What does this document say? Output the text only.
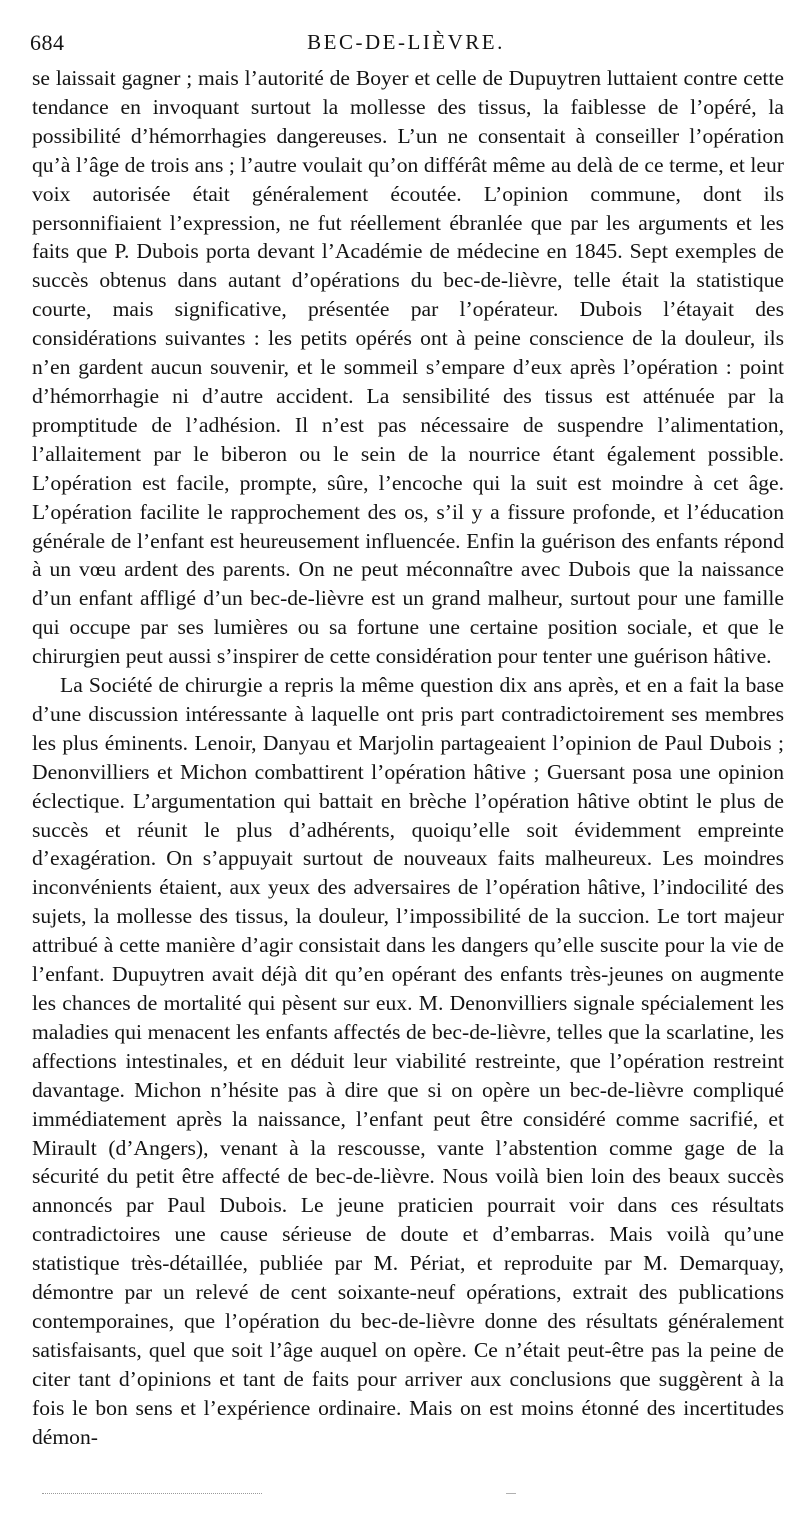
684	BEC-DE-LIÈVRE.

se laissait gagner ; mais l’autorité de Boyer et celle de Dupuytren luttaient contre cette tendance en invoquant surtout la mollesse des tissus, la faiblesse de l’opéré, la possibilité d’hémorrhagies dangereuses. L’un ne consentait à conseiller l’opération qu’à l’âge de trois ans ; l’autre voulait qu’on différât même au delà de ce terme, et leur voix autorisée était généralement écoutée. L’opinion commune, dont ils personnifiaient l’expression, ne fut réellement ébranlée que par les arguments et les faits que P. Dubois porta devant l’Académie de médecine en 1845. Sept exemples de succès obtenus dans autant d’opérations du bec-de-lièvre, telle était la statistique courte, mais significative, présentée par l’opérateur. Dubois l’étayait des considérations suivantes : les petits opérés ont à peine conscience de la douleur, ils n’en gardent aucun souvenir, et le sommeil s’empare d’eux après l’opération : point d’hémorrhagie ni d’autre accident. La sensibilité des tissus est atténuée par la promptitude de l’adhésion. Il n’est pas nécessaire de suspendre l’alimentation, l’allaitement par le biberon ou le sein de la nourrice étant également possible. L’opération est facile, prompte, sûre, l’encoche qui la suit est moindre à cet âge. L’opération facilite le rapprochement des os, s’il y a fissure profonde, et l’éducation générale de l’enfant est heureusement influencée. Enfin la guérison des enfants répond à un vœu ardent des parents. On ne peut méconnaître avec Dubois que la naissance d’un enfant affligé d’un bec-de-lièvre est un grand malheur, surtout pour une famille qui occupe par ses lumières ou sa fortune une certaine position sociale, et que le chirurgien peut aussi s’inspirer de cette considération pour tenter une guérison hâtive.

La Société de chirurgie a repris la même question dix ans après, et en a fait la base d’une discussion intéressante à laquelle ont pris part contradictoirement ses membres les plus éminents. Lenoir, Danyau et Marjolin partageaient l’opinion de Paul Dubois ; Denonvilliers et Michon combattirent l’opération hâtive ; Guersant posa une opinion éclectique. L’argumentation qui battait en brèche l’opération hâtive obtint le plus de succès et réunit le plus d’adhérents, quoiqu’elle soit évidemment empreinte d’exagération. On s’appuyait surtout de nouveaux faits malheureux. Les moindres inconvénients étaient, aux yeux des adversaires de l’opération hâtive, l’indocilité des sujets, la mollesse des tissus, la douleur, l’impossibilité de la succion. Le tort majeur attribué à cette manière d’agir consistait dans les dangers qu’elle suscite pour la vie de l’enfant. Dupuytren avait déjà dit qu’en opérant des enfants très-jeunes on augmente les chances de mortalité qui pèsent sur eux. M. Denonvilliers signale spécialement les maladies qui menacent les enfants affectés de bec-de-lièvre, telles que la scarlatine, les affections intestinales, et en déduit leur viabilité restreinte, que l’opération restreint davantage. Michon n’hésite pas à dire que si on opère un bec-de-lièvre compliqué immédiatement après la naissance, l’enfant peut être considéré comme sacrifié, et Mirault (d’Angers), venant à la rescousse, vante l’abstention comme gage de la sécurité du petit être affecté de bec-de-lièvre. Nous voilà bien loin des beaux succès annoncés par Paul Dubois. Le jeune praticien pourrait voir dans ces résultats contradictoires une cause sérieuse de doute et d’embarras. Mais voilà qu’une statistique très-détaillée, publiée par M. Périat, et reproduite par M. Demarquay, démontre par un relevé de cent soixante-neuf opérations, extrait des publications contemporaines, que l’opération du bec-de-lièvre donne des résultats généralement satisfaisants, quel que soit l’âge auquel on opère. Ce n’était peut-être pas la peine de citer tant d’opinions et tant de faits pour arriver aux conclusions que suggèrent à la fois le bon sens et l’expérience ordinaire. Mais on est moins étonné des incertitudes démon-
